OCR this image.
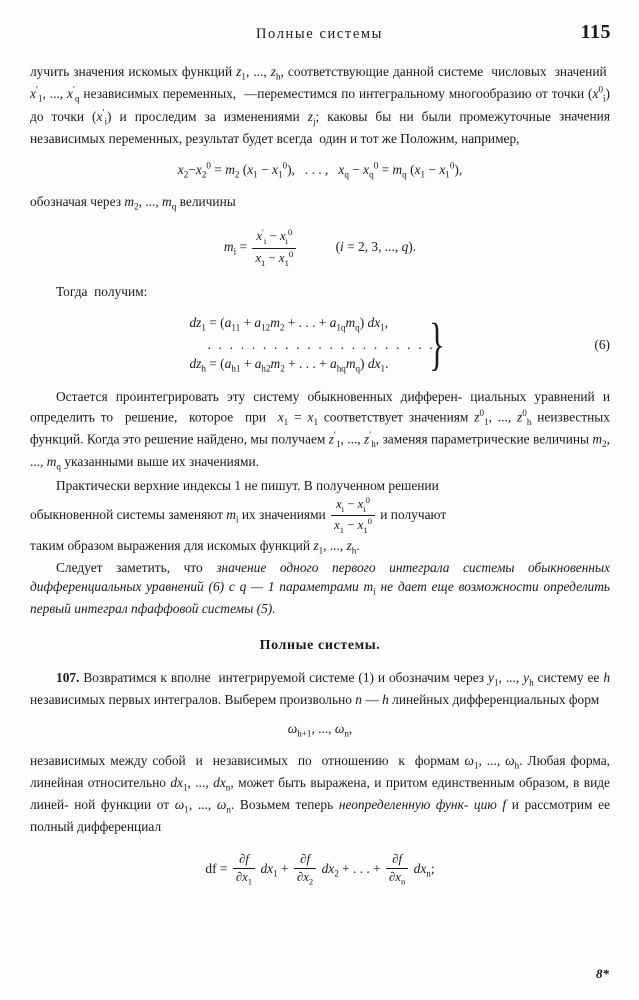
Полные системы	115

лучить значения искомых функций $z_1$, ..., $z_h$, соответствующие данной системе  числовых  значений  $x'_1$, ..., $x'_q$ независимых переменных,  —переместимся по интегральному многообразию от точки $(x^0_i)$ до точки $(x'_i)$ и проследим за изменениями $z_j$; каковы бы ни были промежуточные значения независимых переменных, результат будет всегда  один и тот же Положим, например,

$x_2-x_2^0 = m_2$ $(x_1 - x_1^0)$,   . . . ,   $x_q - x_q^0 = m_q$ $(x_1 - x_1^0)$,

обозначая через $m_2$, ..., $m_q$ величины

$m_i = \frac{x'_i - x_i^0}{x_1 - x_1^0}$	(i = 2, 3, ..., q).

Тогда  получим:

(6)
$dz_1 = (a_{11} + a_{12}m_2$ + . . . + $a_{1q}m_q$) $dx_1$,
. . . . . . . . . . . . . . . . . . . . .
$dz_h = (a_{h1} + a_{h2}m_2$ + . . . + $a_{hq}m_q$) $dx_1$. }

Остается проинтегрировать эту систему обыкновенных дифферен- циальных уравнений и определить то  решение,  которое  при  $x_1 = x_1$ соответствует значениям $z^0_1$, ..., $z^0_h$ неизвестных функций. Когда это решение найдено, мы получаем $z'_1$, ..., $z'_h$, заменяя параметрические величины $m_2$, ..., $m_q$ указанными выше их значениями.

Практически верхние индексы 1 не пишут. В полученном решении

обыкновенной системы заменяют $m_i$ их значениями $\frac{x_i - x_i^0}{x_1 - x_1^0}$ и получают

таким образом выражения для искомых функций $z_1$, ..., $z_h$.

Следует заметить, что значение одного первого интеграла системы обыкновенных дифференциальных уравнений (6) с q — 1 параметрами $m_i$ не дает еще возможности определить первый интеграл пфаффовой системы (5).

Полные системы.

107. Возвратимся к вполне  интегрируемой системе (1) и обозначим через $y_1$, ..., $y_h$ систему ее h независимых первых интегралов. Выберем произвольно n — h линейных дифференциальных форм

$\omega_{h+1}$, ..., $\omega_n$,

независимых между собой  и  независимых  по  отношению  к  формам $\omega_1$, ..., $\omega_h$. Любая форма, линейная относительно $dx_1$, ..., $dx_n$, может быть выражена, и притом единственным образом, в виде линей- ной функции от $\omega_1$, ..., $\omega_n$. Возьмем теперь неопределенную функ- цию f и рассмотрим ее полный дифференциал

df = $\frac{\partial f}{\partial x_1} dx_1 + \frac{\partial f}{\partial x_2} dx_2$ + . . . + $\frac{\partial f}{\partial x_n} dx_n$;
8*
